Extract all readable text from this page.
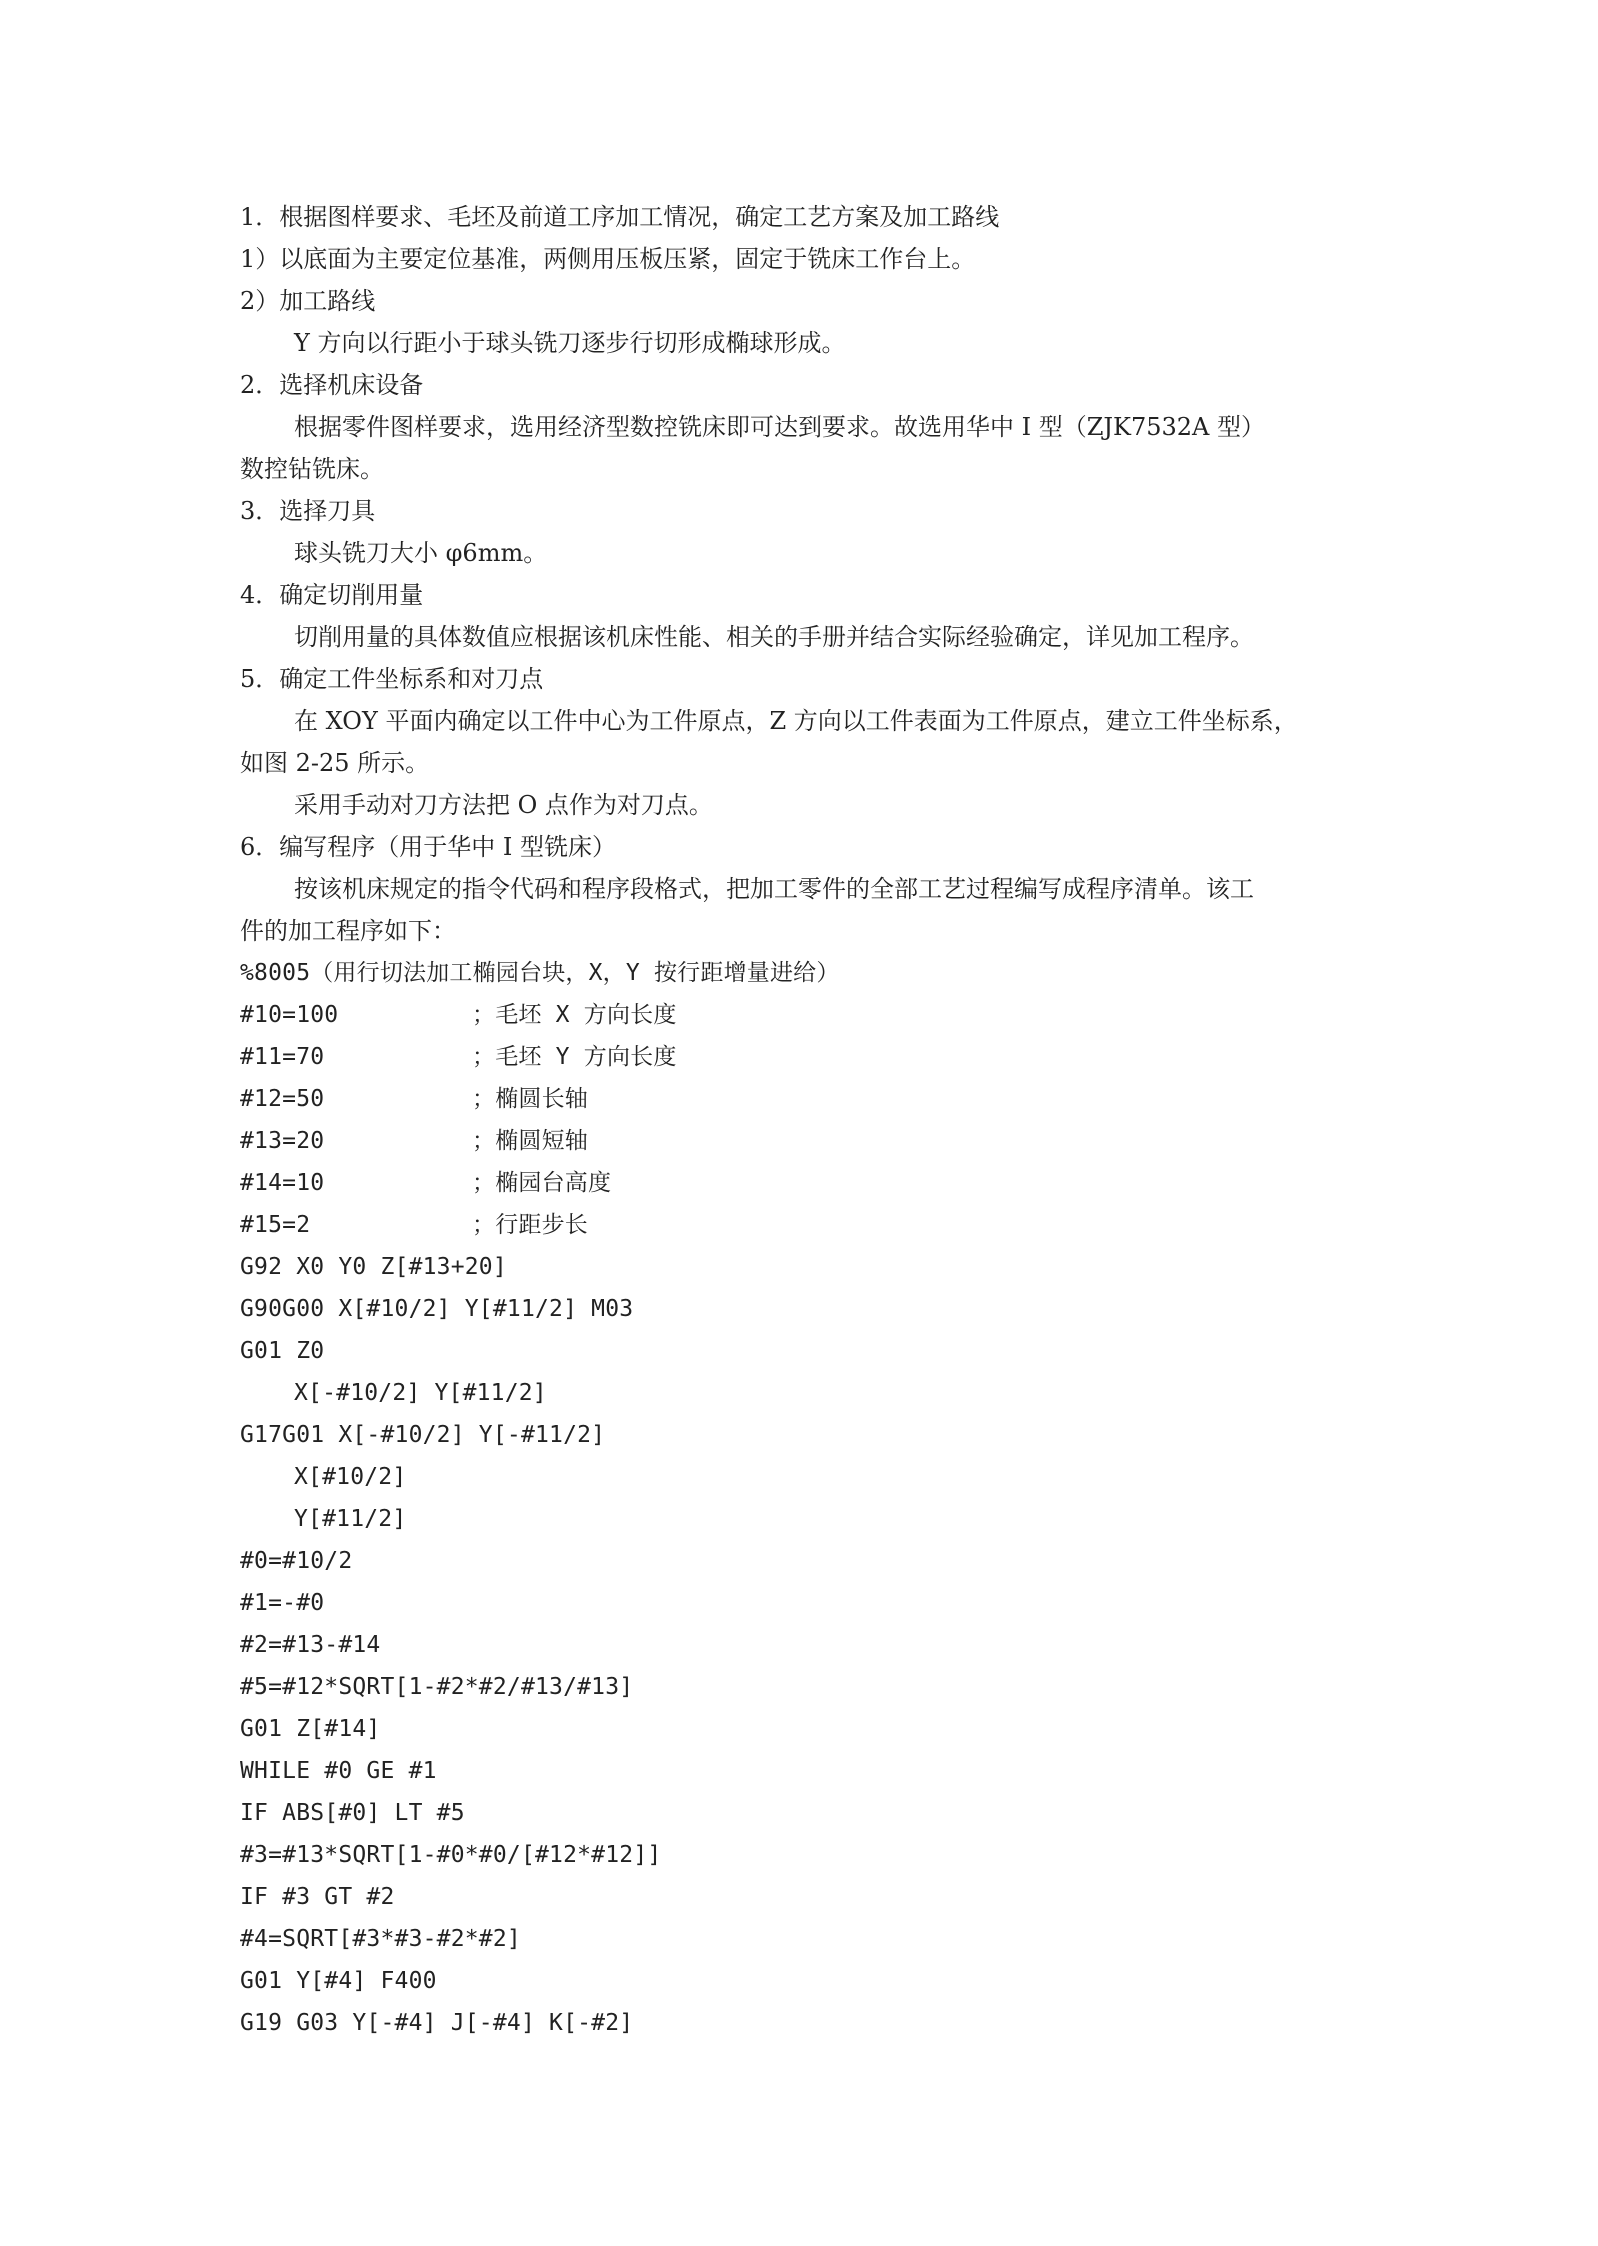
1．根据图样要求、毛坯及前道工序加工情况，确定工艺方案及加工路线
1）以底面为主要定位基准，两侧用压板压紧，固定于铣床工作台上。
2）加工路线
Y 方向以行距小于球头铣刀逐步行切形成椭球形成。
2．选择机床设备
根据零件图样要求，选用经济型数控铣床即可达到要求。故选用华中 I 型（ZJK7532A 型）
数控钻铣床。
3．选择刀具
球头铣刀大小 φ6mm。
4．确定切削用量
切削用量的具体数值应根据该机床性能、相关的手册并结合实际经验确定，详见加工程序。
5．确定工件坐标系和对刀点
在 XOY 平面内确定以工件中心为工件原点，Z 方向以工件表面为工件原点，建立工件坐标系，
如图 2-25 所示。
采用手动对刀方法把 O 点作为对刀点。
6．编写程序（用于华中 I 型铣床）
按该机床规定的指令代码和程序段格式，把加工零件的全部工艺过程编写成程序清单。该工
件的加工程序如下：
%8005（用行切法加工椭园台块，X，Y 按行距增量进给）
#10=100	；毛坯 X 方向长度
#11=70	；毛坯 Y 方向长度
#12=50	；椭圆长轴
#13=20	；椭圆短轴
#14=10	；椭园台高度
#15=2	；行距步长
G92 X0 Y0 Z[#13+20]
G90G00 X[#10/2] Y[#11/2] M03
G01 Z0
X[-#10/2] Y[#11/2]
G17G01 X[-#10/2] Y[-#11/2]
X[#10/2]
Y[#11/2]
#0=#10/2
#1=-#0
#2=#13-#14
#5=#12*SQRT[1-#2*#2/#13/#13]
G01 Z[#14]
WHILE #0 GE #1
IF ABS[#0] LT #5
#3=#13*SQRT[1-#0*#0/[#12*#12]]
IF #3 GT #2
#4=SQRT[#3*#3-#2*#2]
G01 Y[#4] F400
G19 G03 Y[-#4] J[-#4] K[-#2]
